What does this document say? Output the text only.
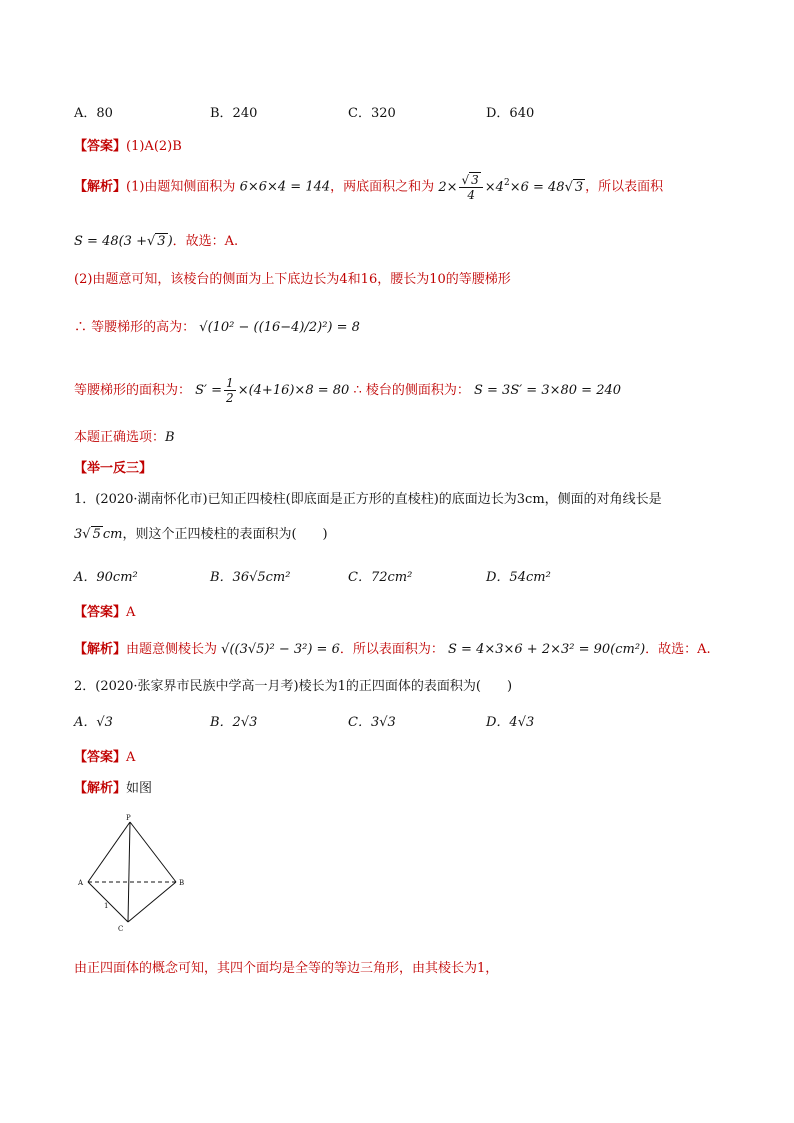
A．80	B．240	C．320	D．640
【答案】(1)A(2)B
【解析】(1)由题知侧面积为 6×6×4 = 144，两底面积之和为 $2\times \frac{√ 3}{4} \times 4^2\times 6 = 48√$ 3 ，所以表面积
S = 48(3 +√ 3 )．故选：A.
(2)由题意可知，该棱台的侧面为上下底边长为4和16，腰长为10的等腰梯形
∴ 等腰梯形的高为： √(10² − ((16−4)/2)²) = 8
等腰梯形的面积为： $S' = \frac{1}{2} \times(4+16)\times 8 = 80$ ∴ 棱台的侧面积为： S = 3S′ = 3×80 = 240
本题正确选项：B
【举一反三】
1．(2020·湖南怀化市)已知正四棱柱(即底面是正方形的直棱柱)的底面边长为3cm，侧面的对角线长是
3√ 5 cm，则这个正四棱柱的表面积为(　　)
A．90cm²	B．36√5cm²	C．72cm²	D．54cm²
【答案】A
【解析】由题意侧棱长为 √((3√5)² − 3²) = 6．所以表面积为： S = 4×3×6 + 2×3² = 90(cm²)．故选：A.
2．(2020·张家界市民族中学高一月考)棱长为1的正四面体的表面积为(　　)
A．√3	B．2√3	C．3√3	D．4√3
【答案】A
【解析】如图
P
A	B
C
1
由正四面体的概念可知，其四个面均是全等的等边三角形，由其棱长为1，
